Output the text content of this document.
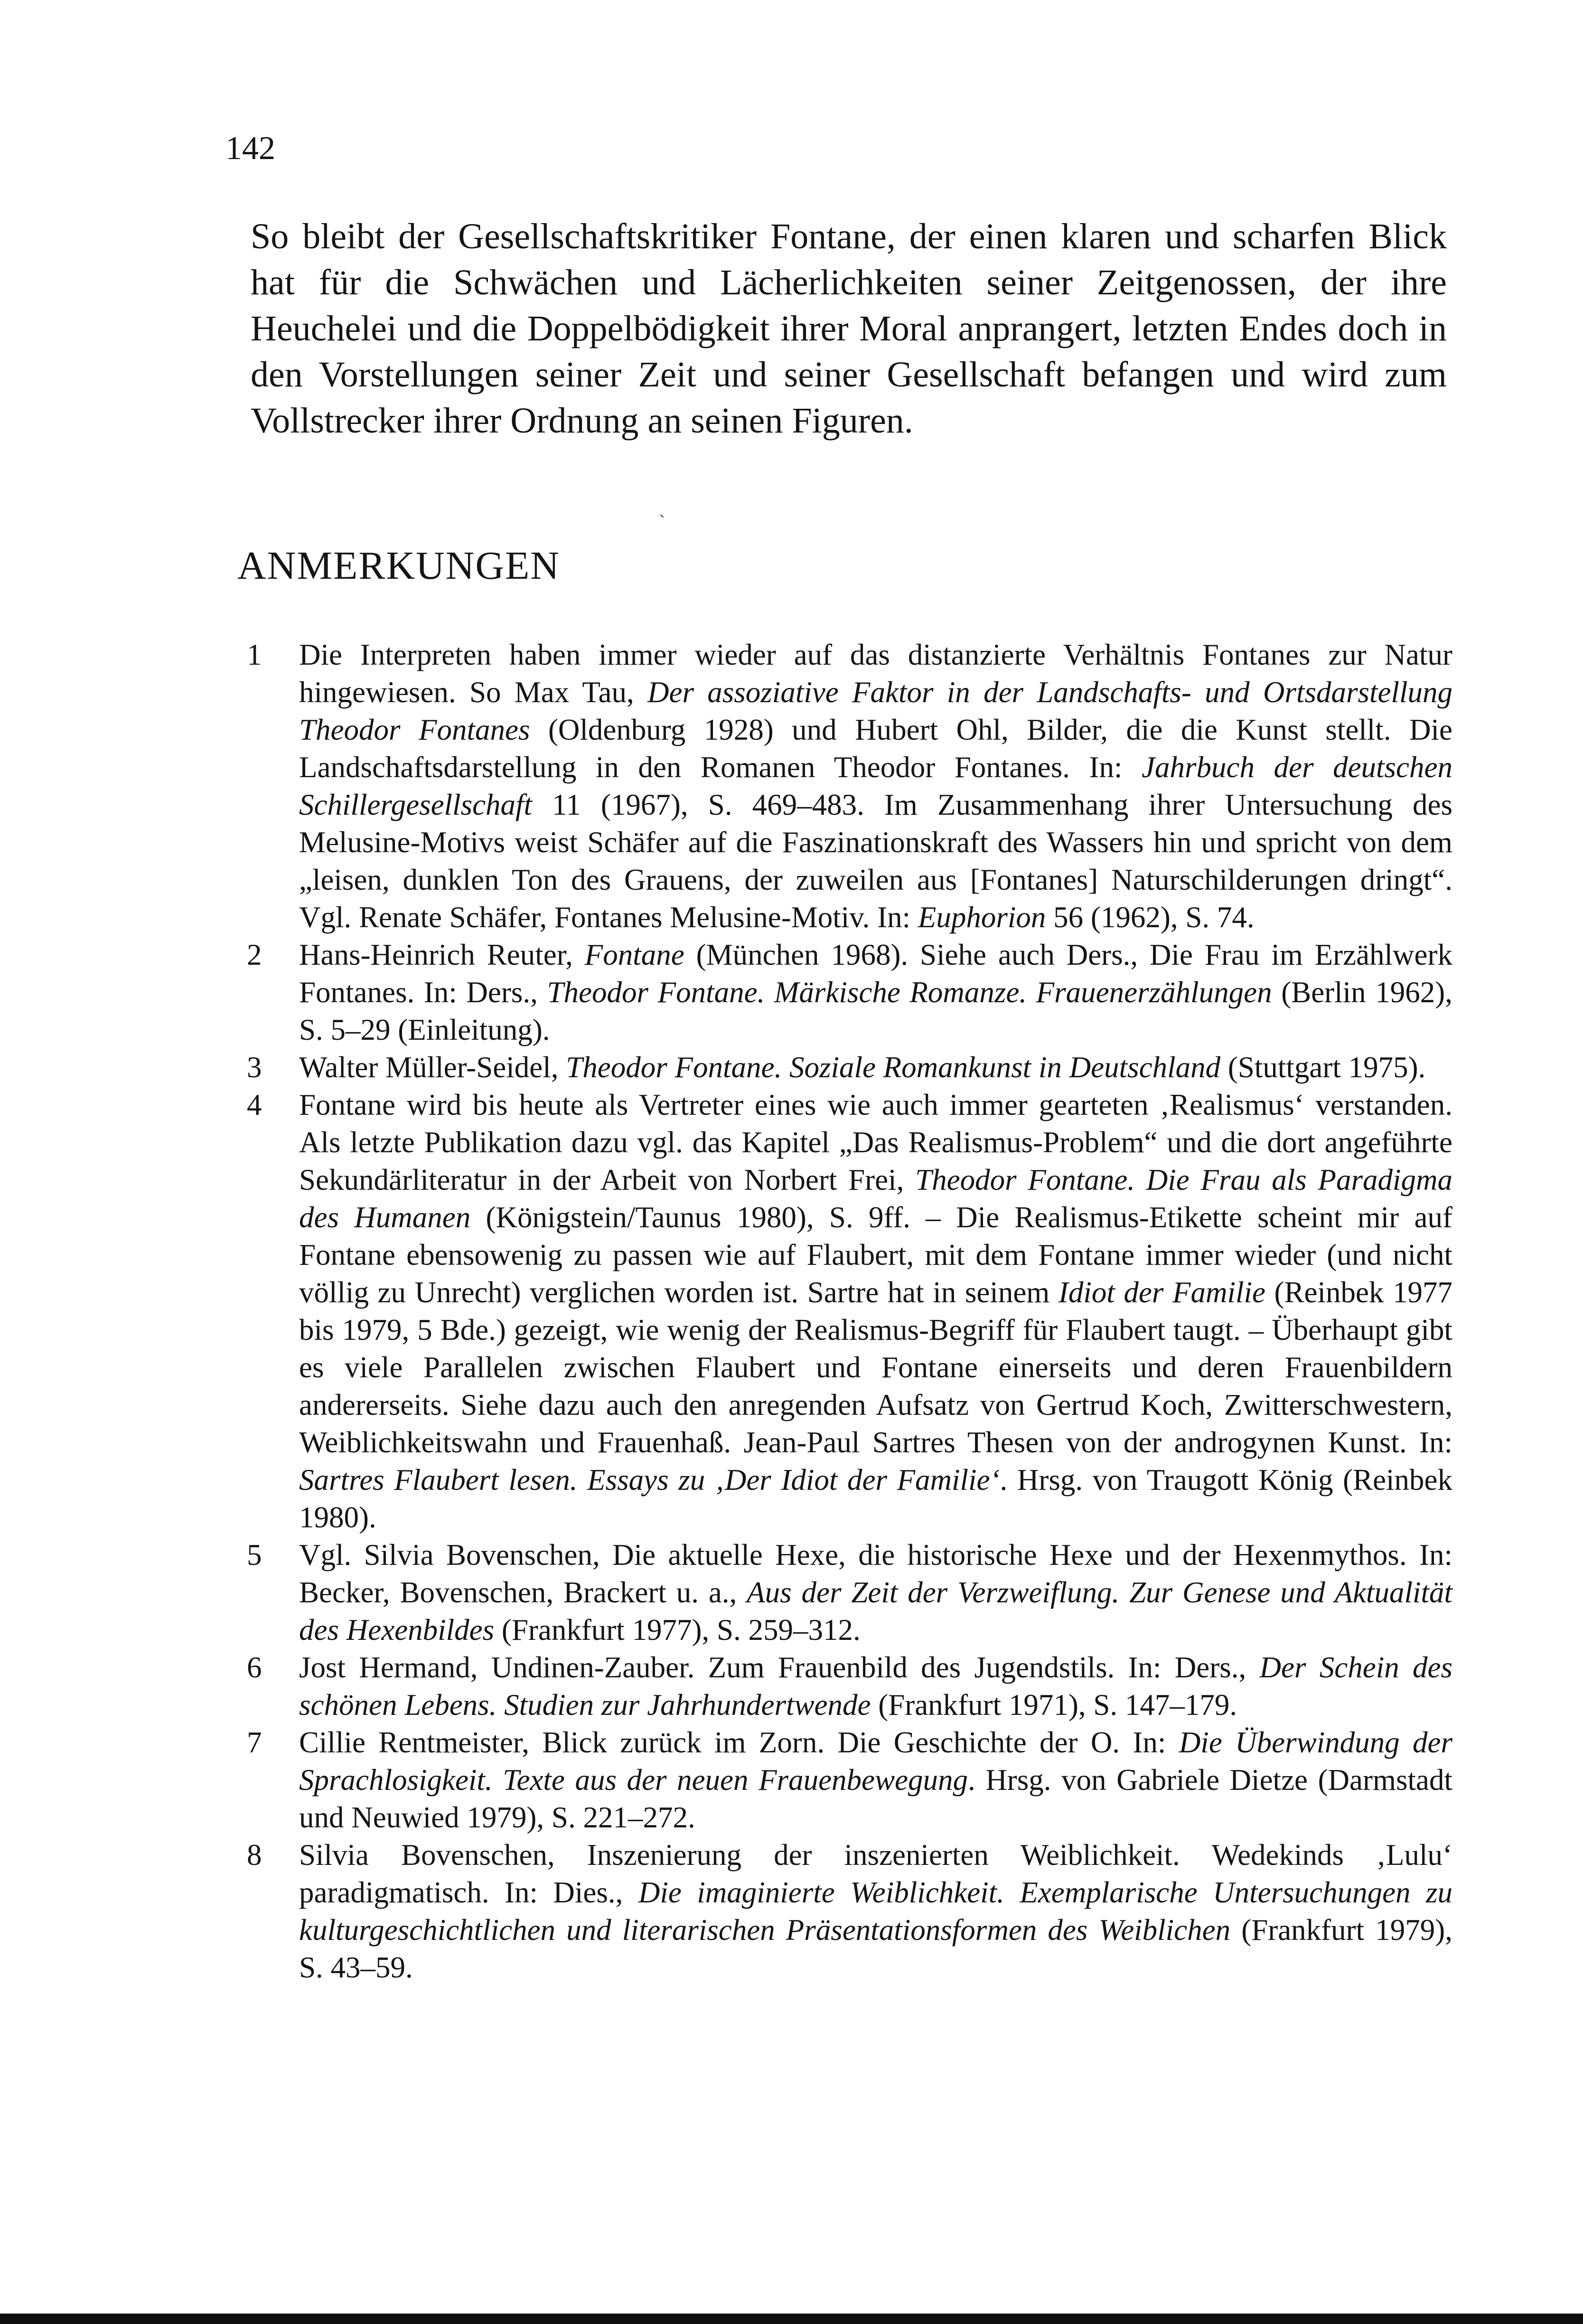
142

So bleibt der Gesellschaftskritiker Fontane, der einen klaren und scharfen Blick hat für die Schwächen und Lächerlichkeiten seiner Zeitgenossen, der ihre Heuchelei und die Doppelbödigkeit ihrer Moral anprangert, letzten Endes doch in den Vorstellungen seiner Zeit und seiner Gesellschaft befangen und wird zum Vollstrecker ihrer Ordnung an seinen Figuren.

ˏ
ANMERKUNGEN
1	Die Interpreten haben immer wieder auf das distanzierte Verhältnis Fontanes zur Natur hingewiesen. So Max Tau, Der assoziative Faktor in der Landschafts- und Ortsdarstellung Theodor Fontanes (Oldenburg 1928) und Hubert Ohl, Bilder, die die Kunst stellt. Die Landschaftsdarstellung in den Romanen Theodor Fontanes. In: Jahrbuch der deutschen Schillergesellschaft 11 (1967), S. 469–483. Im Zusammenhang ihrer Untersuchung des Melusine-Motivs weist Schäfer auf die Faszinationskraft des Wassers hin und spricht von dem „leisen, dunklen Ton des Grauens, der zuweilen aus [Fontanes] Naturschilderungen dringt“. Vgl. Renate Schäfer, Fontanes Melusine-Motiv. In: Euphorion 56 (1962), S. 74.
2	Hans-Heinrich Reuter, Fontane (München 1968). Siehe auch Ders., Die Frau im Erzählwerk Fontanes. In: Ders., Theodor Fontane. Märkische Romanze. Frauenerzählungen (Berlin 1962), S. 5–29 (Einleitung).
3	Walter Müller-Seidel, Theodor Fontane. Soziale Romankunst in Deutschland (Stuttgart 1975).
4	Fontane wird bis heute als Vertreter eines wie auch immer gearteten ‚Realismus‘ verstanden. Als letzte Publikation dazu vgl. das Kapitel „Das Realismus-Problem“ und die dort angeführte Sekundärliteratur in der Arbeit von Norbert Frei, Theodor Fontane. Die Frau als Paradigma des Humanen (Königstein/Taunus 1980), S. 9ff. – Die Realismus-Etikette scheint mir auf Fontane ebensowenig zu passen wie auf Flaubert, mit dem Fontane immer wieder (und nicht völlig zu Unrecht) verglichen worden ist. Sartre hat in seinem Idiot der Familie (Reinbek 1977 bis 1979, 5 Bde.) gezeigt, wie wenig der Realismus-Begriff für Flaubert taugt. – Überhaupt gibt es viele Parallelen zwischen Flaubert und Fontane einerseits und deren Frauenbildern andererseits. Siehe dazu auch den anregenden Aufsatz von Gertrud Koch, Zwitterschwestern, Weiblichkeitswahn und Frauenhaß. Jean-Paul Sartres Thesen von der androgynen Kunst. In: Sartres Flaubert lesen. Essays zu ‚Der Idiot der Familie‘. Hrsg. von Traugott König (Reinbek 1980).
5	Vgl. Silvia Bovenschen, Die aktuelle Hexe, die historische Hexe und der Hexenmythos. In: Becker, Bovenschen, Brackert u. a., Aus der Zeit der Verzweiflung. Zur Genese und Aktualität des Hexenbildes (Frankfurt 1977), S. 259–312.
6	Jost Hermand, Undinen-Zauber. Zum Frauenbild des Jugendstils. In: Ders., Der Schein des schönen Lebens. Studien zur Jahrhundertwende (Frankfurt 1971), S. 147–179.
7	Cillie Rentmeister, Blick zurück im Zorn. Die Geschichte der O. In: Die Überwindung der Sprachlosigkeit. Texte aus der neuen Frauenbewegung. Hrsg. von Gabriele Dietze (Darmstadt und Neuwied 1979), S. 221–272.
8	Silvia Bovenschen, Inszenierung der inszenierten Weiblichkeit. Wedekinds ‚Lulu‘ paradigmatisch. In: Dies., Die imaginierte Weiblichkeit. Exemplarische Untersuchungen zu kulturgeschichtlichen und literarischen Präsentationsformen des Weiblichen (Frankfurt 1979), S. 43–59.
